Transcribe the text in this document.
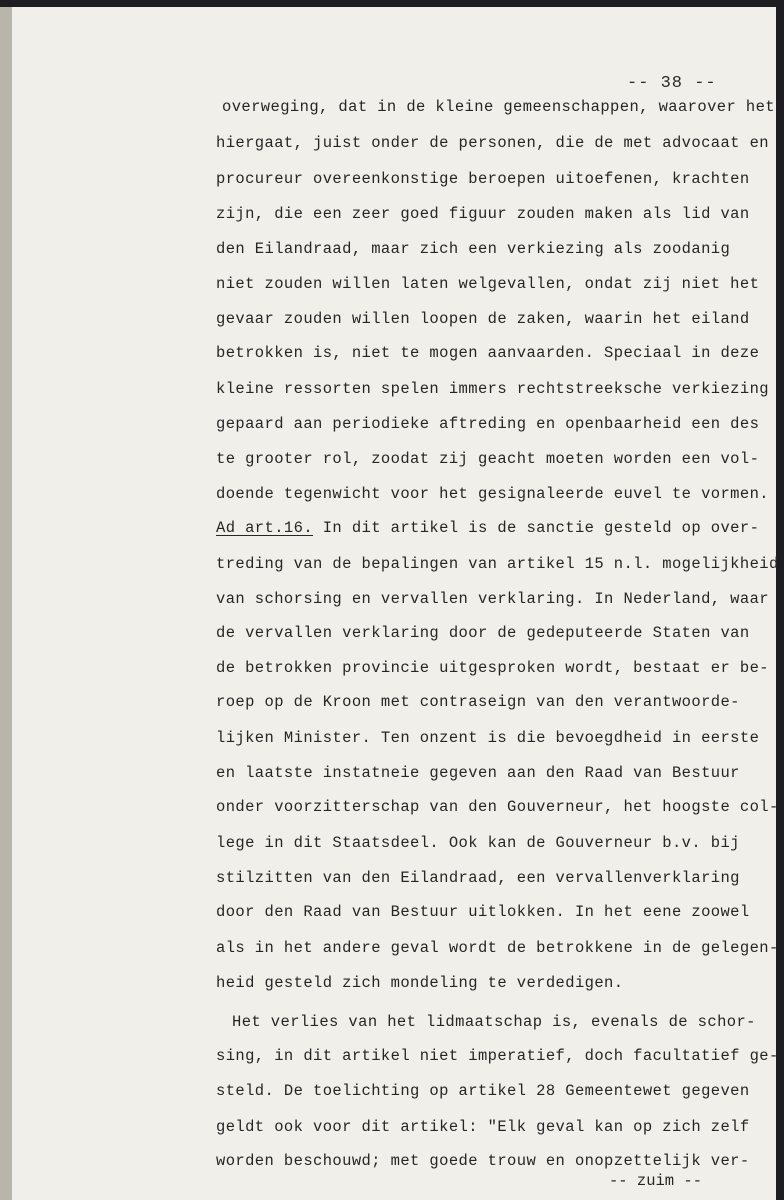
-- 38 --
overweging, dat in de kleine gemeenschappen, waarover het
hiergaat, juist onder de personen, die de met advocaat en
procureur overeenkonstige beroepen uitoefenen, krachten
zijn, die een zeer goed figuur zouden maken als lid van
den Eilandraad, maar zich een verkiezing als zoodanig
niet zouden willen laten welgevallen, ondat zij niet het
gevaar zouden willen loopen de zaken, waarin het eiland
betrokken is, niet te mogen aanvaarden. Speciaal in deze
kleine ressorten spelen immers rechtstreeksche verkiezing
gepaard aan periodieke aftreding en openbaarheid een des
te grooter rol, zoodat zij geacht moeten worden een vol-
doende tegenwicht voor het gesignaleerde euvel te vormen.
Ad art.16. In dit artikel is de sanctie gesteld op over-
treding van de bepalingen van artikel 15 n.l. mogelijkheid
van schorsing en vervallen verklaring. In Nederland, waar
de vervallen verklaring door de gedeputeerde Staten van
de betrokken provincie uitgesproken wordt, bestaat er be-
roep op de Kroon met contraseign van den verantwoorde-
lijken Minister. Ten onzent is die bevoegdheid in eerste
en laatste instatneie gegeven aan den Raad van Bestuur
onder voorzitterschap van den Gouverneur, het hoogste col-
lege in dit Staatsdeel. Ook kan de Gouverneur b.v. bij
stilzitten van den Eilandraad, een vervallenverklaring
door den Raad van Bestuur uitlokken. In het eene zoowel
als in het andere geval wordt de betrokkene in de gelegen-
heid gesteld zich mondeling te verdedigen.
Het verlies van het lidmaatschap is, evenals de schor-
sing, in dit artikel niet imperatief, doch facultatief ge-
steld. De toelichting op artikel 28 Gemeentewet gegeven
geldt ook voor dit artikel: "Elk geval kan op zich zelf
worden beschouwd; met goede trouw en onopzettelijk ver-
-- zuim --
